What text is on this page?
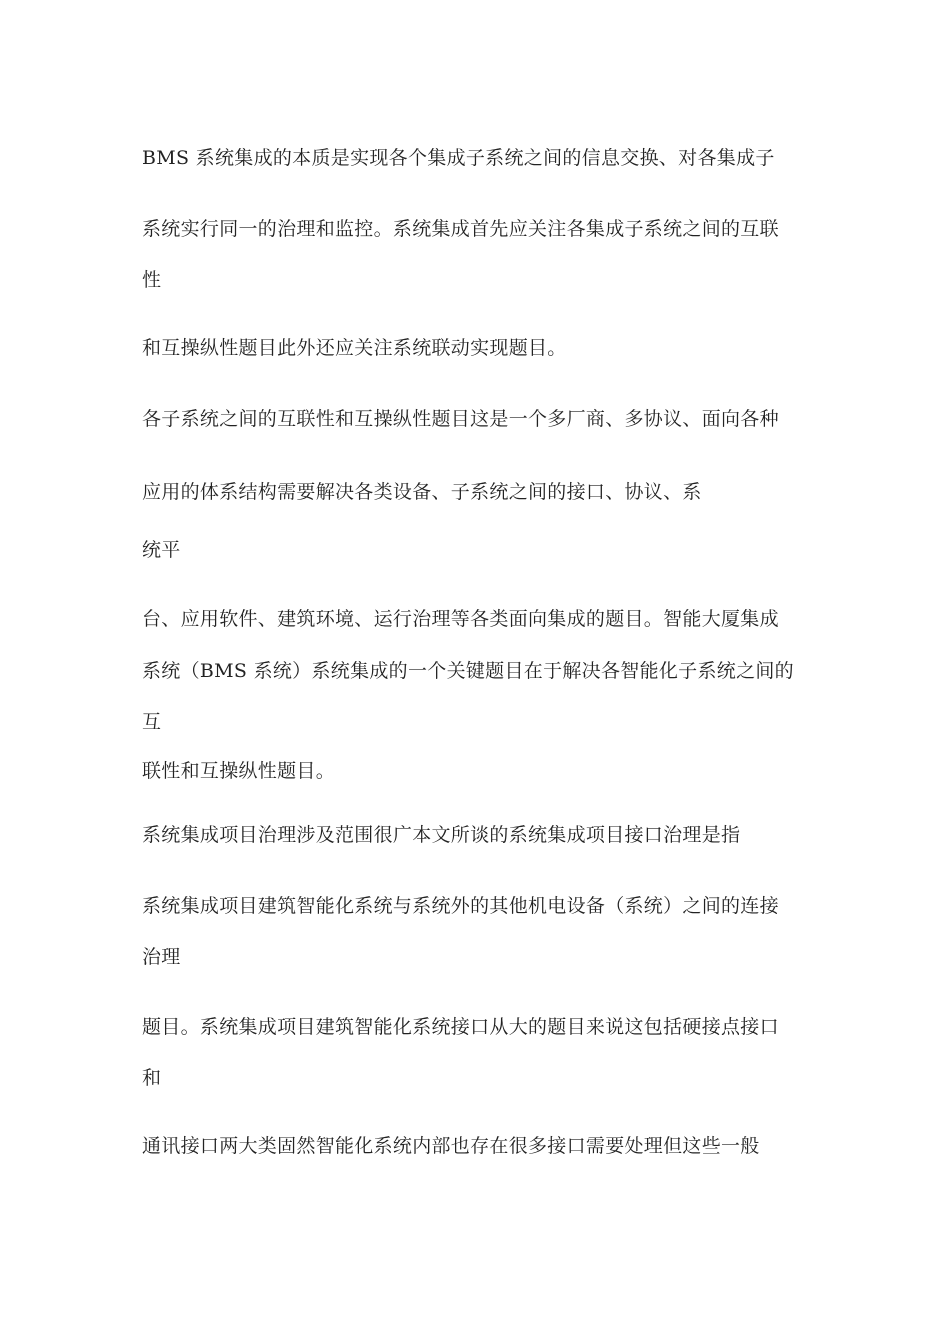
BMS 系统集成的本质是实现各个集成子系统之间的信息交换、对各集成子

系统实行同一的治理和监控。系统集成首先应关注各集成子系统之间的互联

性

和互操纵性题目此外还应关注系统联动实现题目。

各子系统之间的互联性和互操纵性题目这是一个多厂商、多协议、面向各种

应用的体系结构需要解决各类设备、子系统之间的接口、协议、系

统平

台、应用软件、建筑环境、运行治理等各类面向集成的题目。智能大厦集成

系统（BMS 系统）系统集成的一个关键题目在于解决各智能化子系统之间的

互

联性和互操纵性题目。

系统集成项目治理涉及范围很广本文所谈的系统集成项目接口治理是指

系统集成项目建筑智能化系统与系统外的其他机电设备（系统）之间的连接

治理

题目。系统集成项目建筑智能化系统接口从大的题目来说这包括硬接点接口

和

通讯接口两大类固然智能化系统内部也存在很多接口需要处理但这些一般
